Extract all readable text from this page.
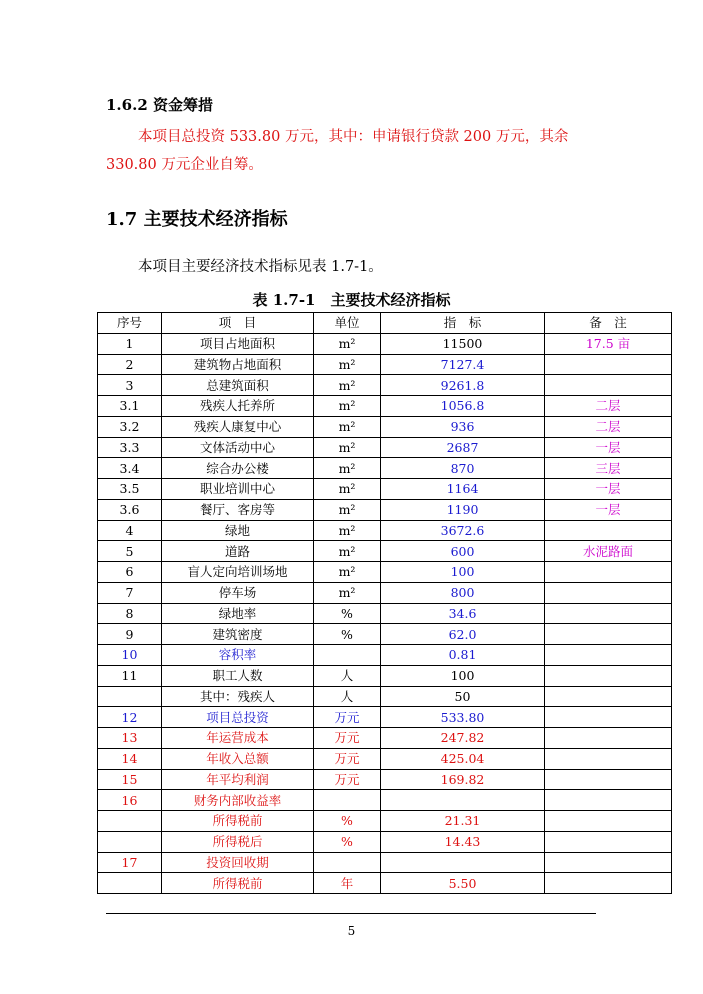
1.6.2 资金筹措
本项目总投资 533.80 万元，其中：申请银行贷款 200 万元，其余 330.80 万元企业自筹。
1.7 主要技术经济指标
本项目主要经济技术指标见表 1.7-1。
表 1.7-1　主要技术经济指标
序号	项　目	单位	指　标	备　注
1	项目占地面积	m²	11500	17.5 亩
2	建筑物占地面积	m²	7127.4	
3	总建筑面积	m²	9261.8	
3.1	残疾人托养所	m²	1056.8	二层
3.2	残疾人康复中心	m²	936	二层
3.3	文体活动中心	m²	2687	一层
3.4	综合办公楼	m²	870	三层
3.5	职业培训中心	m²	1164	一层
3.6	餐厅、客房等	m²	1190	一层
4	绿地	m²	3672.6	
5	道路	m²	600	水泥路面
6	盲人定向培训场地	m²	100	
7	停车场	m²	800	
8	绿地率	%	34.6	
9	建筑密度	%	62.0	
10	容积率		0.81	
11	职工人数	人	100	
	其中：残疾人	人	50	
12	项目总投资	万元	533.80	
13	年运营成本	万元	247.82	
14	年收入总额	万元	425.04	
15	年平均利润	万元	169.82	
16	财务内部收益率			
	所得税前	%	21.31	
	所得税后	%	14.43	
17	投资回收期			
	所得税前	年	5.50	
5
